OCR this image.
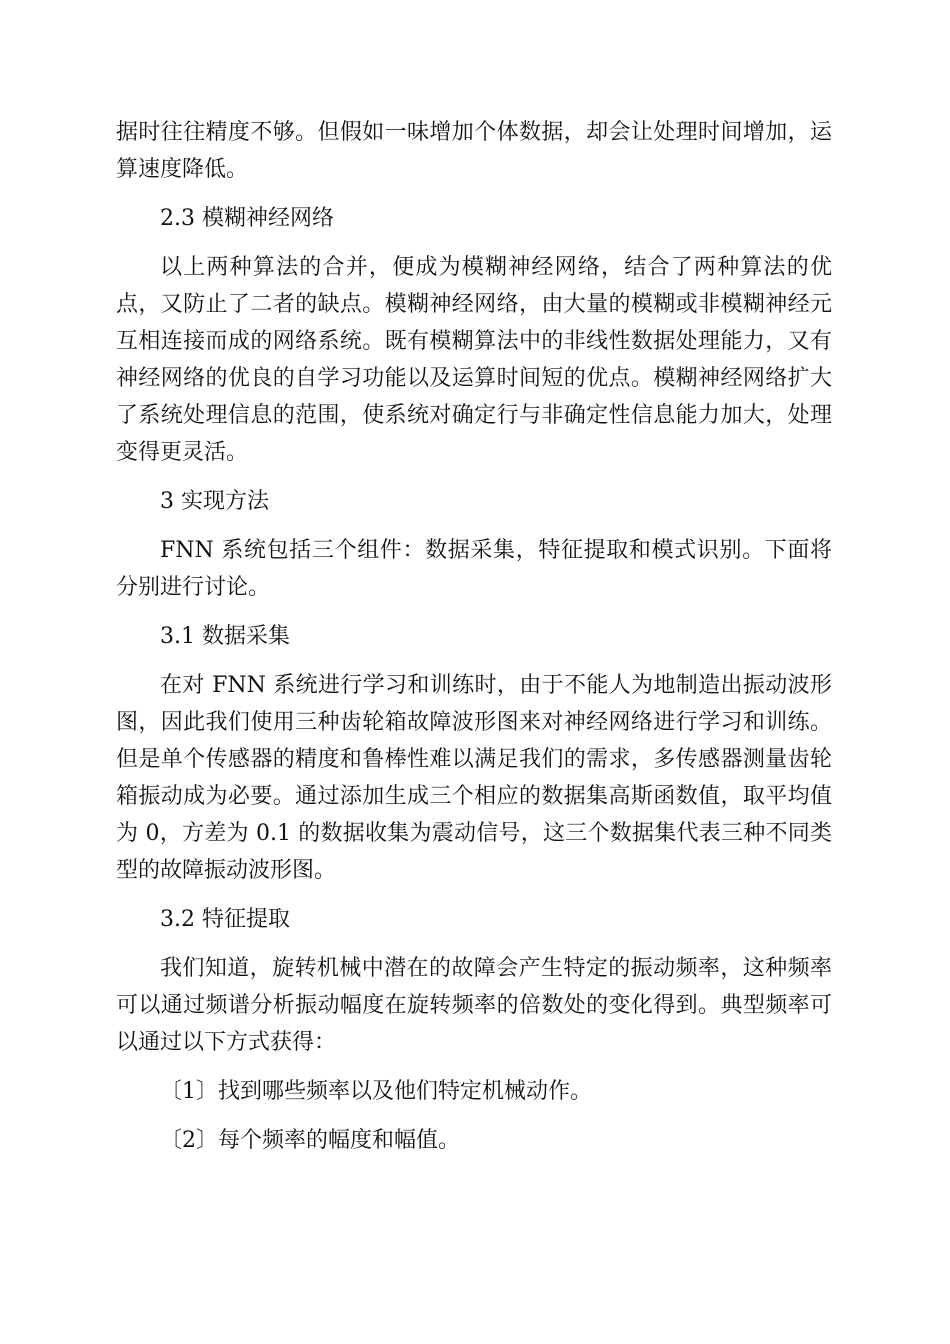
据时往往精度不够。但假如一味增加个体数据，却会让处理时间增加，运算速度降低。

2.3 模糊神经网络

以上两种算法的合并，便成为模糊神经网络，结合了两种算法的优点，又防止了二者的缺点。模糊神经网络，由大量的模糊或非模糊神经元互相连接而成的网络系统。既有模糊算法中的非线性数据处理能力，又有神经网络的优良的自学习功能以及运算时间短的优点。模糊神经网络扩大了系统处理信息的范围，使系统对确定行与非确定性信息能力加大，处理变得更灵活。

3 实现方法

FNN 系统包括三个组件：数据采集，特征提取和模式识别。下面将分别进行讨论。

3.1 数据采集

在对 FNN 系统进行学习和训练时，由于不能人为地制造出振动波形图，因此我们使用三种齿轮箱故障波形图来对神经网络进行学习和训练。但是单个传感器的精度和鲁棒性难以满足我们的需求，多传感器测量齿轮箱振动成为必要。通过添加生成三个相应的数据集高斯函数值，取平均值为 0，方差为 0.1 的数据收集为震动信号，这三个数据集代表三种不同类型的故障振动波形图。

3.2 特征提取

我们知道，旋转机械中潜在的故障会产生特定的振动频率，这种频率可以通过频谱分析振动幅度在旋转频率的倍数处的变化得到。典型频率可以通过以下方式获得：

〔1〕找到哪些频率以及他们特定机械动作。

〔2〕每个频率的幅度和幅值。
